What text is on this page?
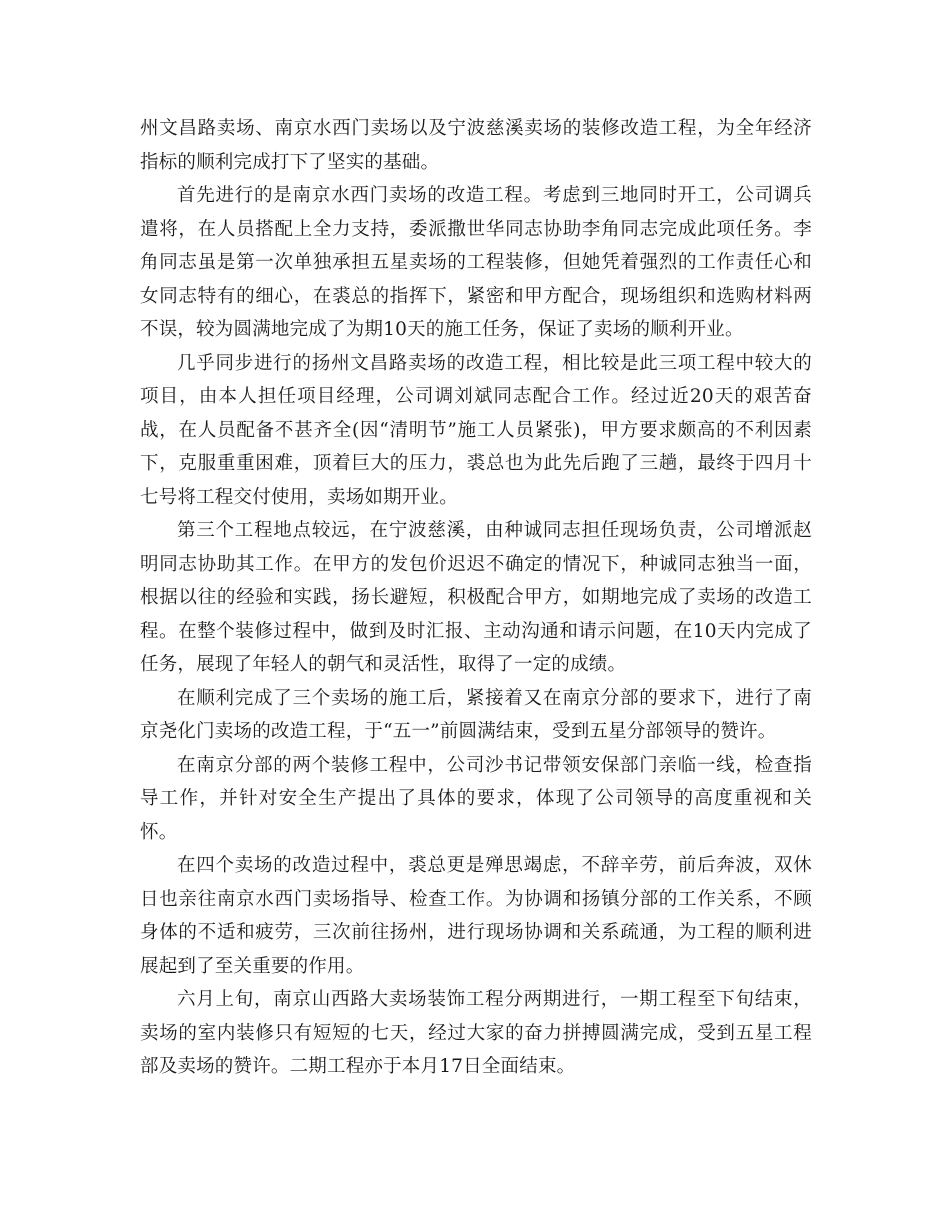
州文昌路卖场、南京水西门卖场以及宁波慈溪卖场的装修改造工程，为全年经济指标的顺利完成打下了坚实的基础。

首先进行的是南京水西门卖场的改造工程。考虑到三地同时开工，公司调兵遣将，在人员搭配上全力支持，委派撒世华同志协助李角同志完成此项任务。李角同志虽是第一次单独承担五星卖场的工程装修，但她凭着强烈的工作责任心和女同志特有的细心，在裘总的指挥下，紧密和甲方配合，现场组织和选购材料两不误，较为圆满地完成了为期10天的施工任务，保证了卖场的顺利开业。

几乎同步进行的扬州文昌路卖场的改造工程，相比较是此三项工程中较大的项目，由本人担任项目经理，公司调刘斌同志配合工作。经过近20天的艰苦奋战，在人员配备不甚齐全(因“清明节”施工人员紧张)，甲方要求颇高的不利因素下，克服重重困难，顶着巨大的压力，裘总也为此先后跑了三趟，最终于四月十七号将工程交付使用，卖场如期开业。

第三个工程地点较远，在宁波慈溪，由种诚同志担任现场负责，公司增派赵明同志协助其工作。在甲方的发包价迟迟不确定的情况下，种诚同志独当一面，根据以往的经验和实践，扬长避短，积极配合甲方，如期地完成了卖场的改造工程。在整个装修过程中，做到及时汇报、主动沟通和请示问题，在10天内完成了任务，展现了年轻人的朝气和灵活性，取得了一定的成绩。

在顺利完成了三个卖场的施工后，紧接着又在南京分部的要求下，进行了南京尧化门卖场的改造工程，于“五一”前圆满结束，受到五星分部领导的赞许。

在南京分部的两个装修工程中，公司沙书记带领安保部门亲临一线，检查指导工作，并针对安全生产提出了具体的要求，体现了公司领导的高度重视和关怀。

在四个卖场的改造过程中，裘总更是殚思竭虑，不辞辛劳，前后奔波，双休日也亲往南京水西门卖场指导、检查工作。为协调和扬镇分部的工作关系，不顾身体的不适和疲劳，三次前往扬州，进行现场协调和关系疏通，为工程的顺利进展起到了至关重要的作用。

六月上旬，南京山西路大卖场装饰工程分两期进行，一期工程至下旬结束，卖场的室内装修只有短短的七天，经过大家的奋力拼搏圆满完成，受到五星工程部及卖场的赞许。二期工程亦于本月17日全面结束。
